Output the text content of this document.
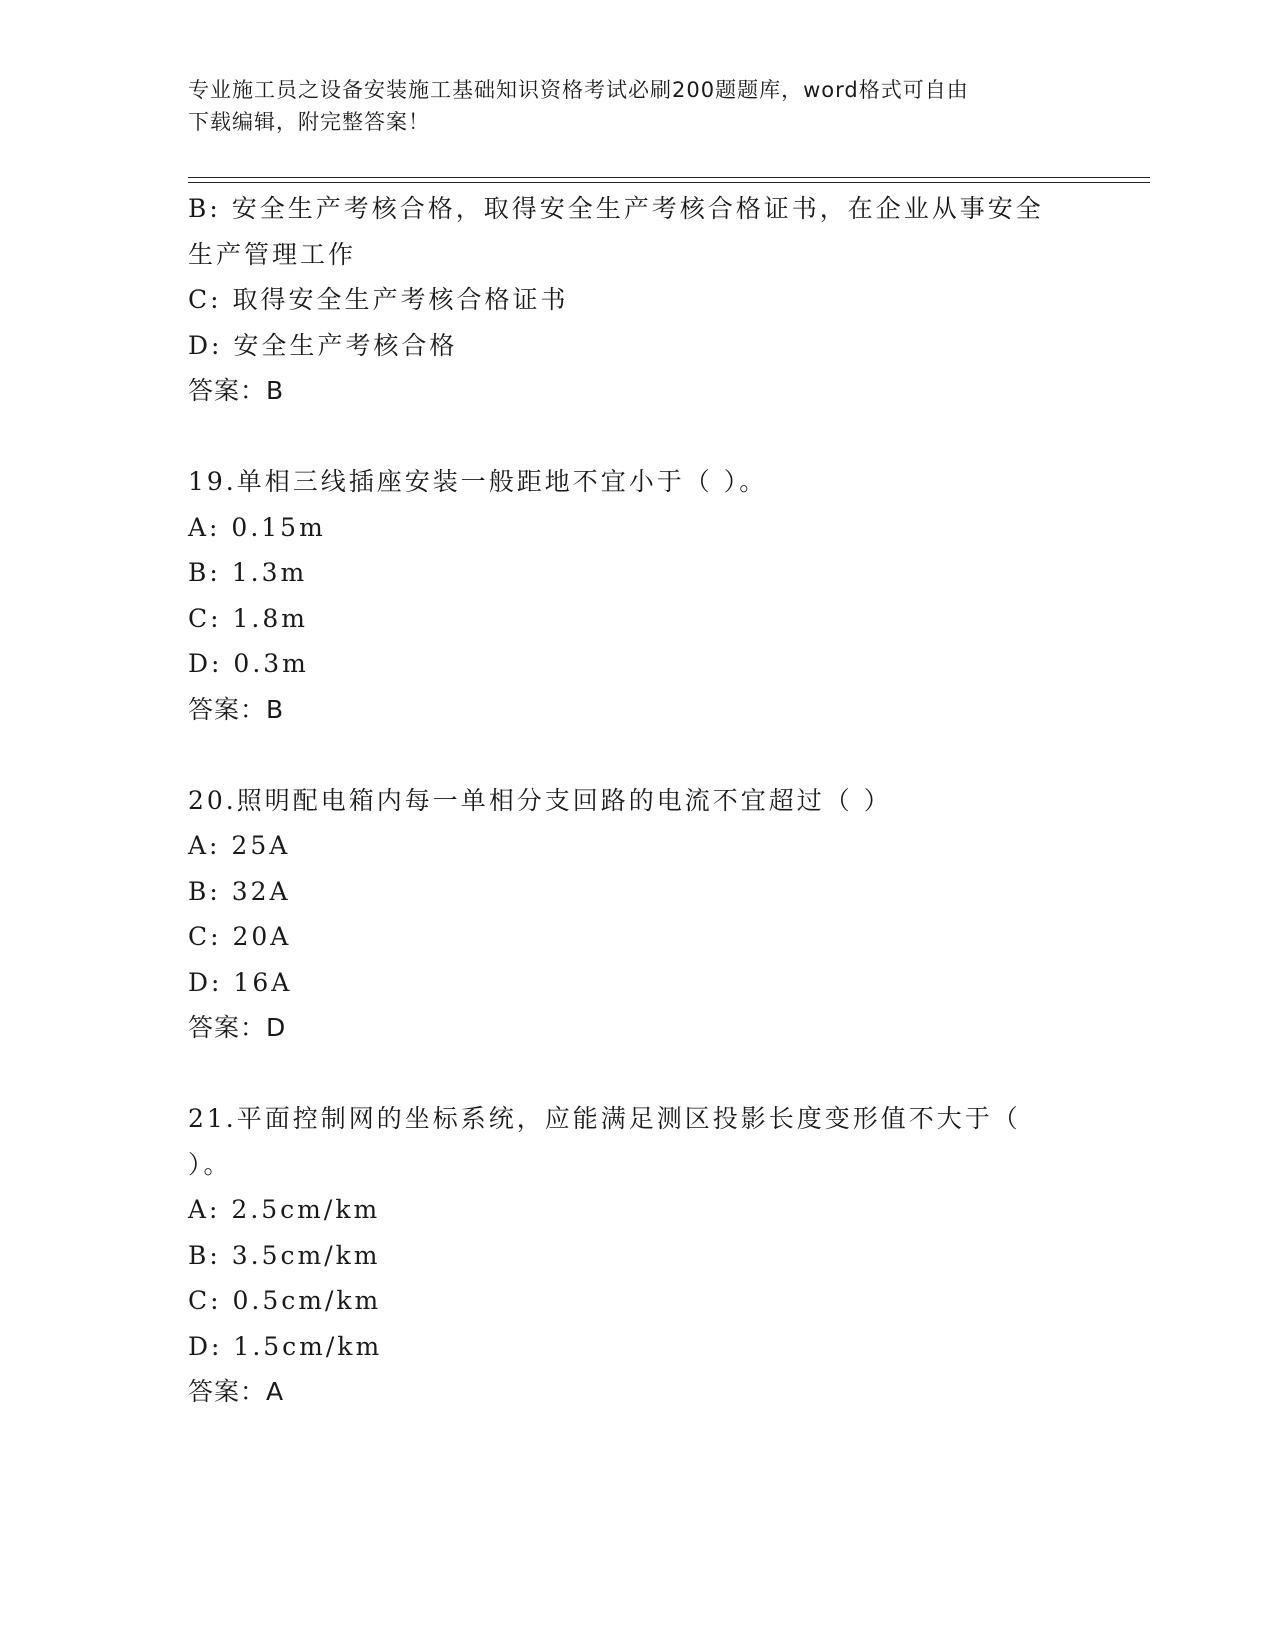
专业施工员之设备安装施工基础知识资格考试必刷200题题库，word格式可自由
下载编辑，附完整答案！
B: 安全生产考核合格，取得安全生产考核合格证书，在企业从事安全
生产管理工作
C: 取得安全生产考核合格证书
D: 安全生产考核合格
答案：B
19.单相三线插座安装一般距地不宜小于（ ）。
A: 0.15m
B: 1.3m
C: 1.8m
D: 0.3m
答案：B
20.照明配电箱内每一单相分支回路的电流不宜超过（ ）
A: 25A
B: 32A
C: 20A
D: 16A
答案：D
21.平面控制网的坐标系统，应能满足测区投影长度变形值不大于（
）。
A: 2.5cm/km
B: 3.5cm/km
C: 0.5cm/km
D: 1.5cm/km
答案：A
